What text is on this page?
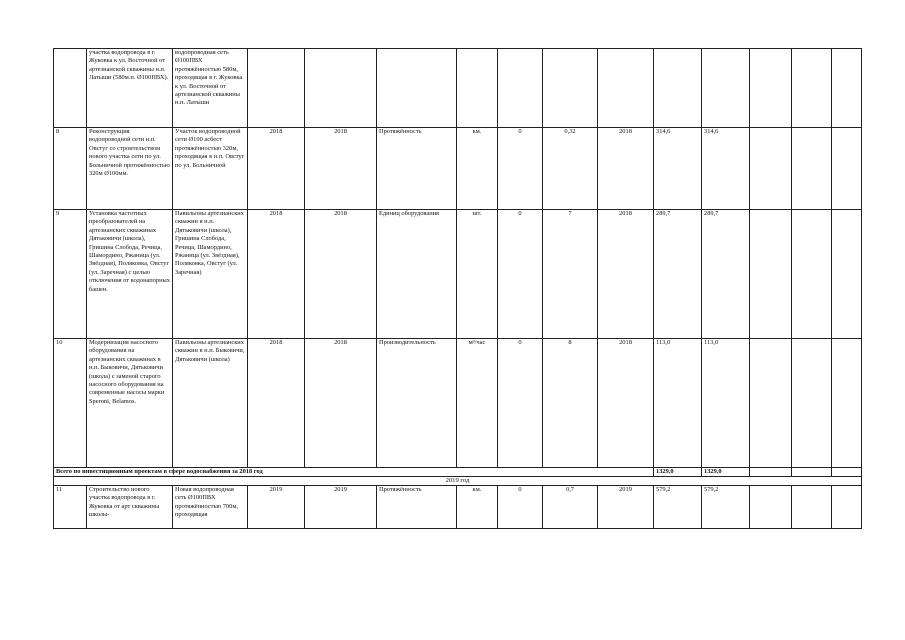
	участка водопровода в г. Жуковка к ул. Восточной от артезианской скважины н.п. Латыши (580м.п. Ø100ПВХ).	водопроводная сеть Ø100ПВХ протяжённостью 580м, проходящая в г. Жуковка к ул. Восточной от артезианской скважины н.п. Латыши												
8	Реконструкция водопроводной сети н.п. Овстуг со строительством нового участка сети по ул. Больничной протяжённостью 320м Ø100мм.	Участок водопроводной сети Ø100 асбест протяжённостью 320м, проходящая в н.п. Овстуг по ул. Больничной	2018	2018	Протяжённость	км.	0	0,32	2018	314,6	314,6			
9	Установка частотных преобразователей на артезианских скважинах Дятьковичи (школа), Гришина Слобода, Речица, Шамордино, Ржаница (ул. Звёздная), Поляковка, Овстуг (ул. Заречная) с целью отключения от водонапорных башен.	Павильоны артезианских скважин в н.п. Дятьковичи (школа), Гришина Слобода, Речица, Шамордино, Ржаница (ул. Звёздная), Поляковка, Овстуг (ул. Заречная)	2018	2018	Единиц оборудования	шт.	0	7	2018	289,7	289,7			
10	Модернизация насосного оборудования на артезианских скважинах в н.п. Быковичи, Дятьковичи (школа) с заменой старого насосного оборудования на современные насосы марки Speroni, Belamos.	Павильоны артезианских скважин в н.п. Быковичи, Дятьковичи (школа)	2018	2018	Производительность	м³/час	0	8	2018	113,0	113,0			
Всего по инвестиционным проектам в сфере водоснабжения за 2018 год										1329,0	1329,0			
2019 год														
11	Строительство нового участка водопровода в г. Жуковка от арт скважины школы-	Новая водопроводная сеть Ø100ПВХ протяжённостью 700м, проходящая	2019	2019	Протяжённость	км.	0	0,7	2019	579,2	579,2			
